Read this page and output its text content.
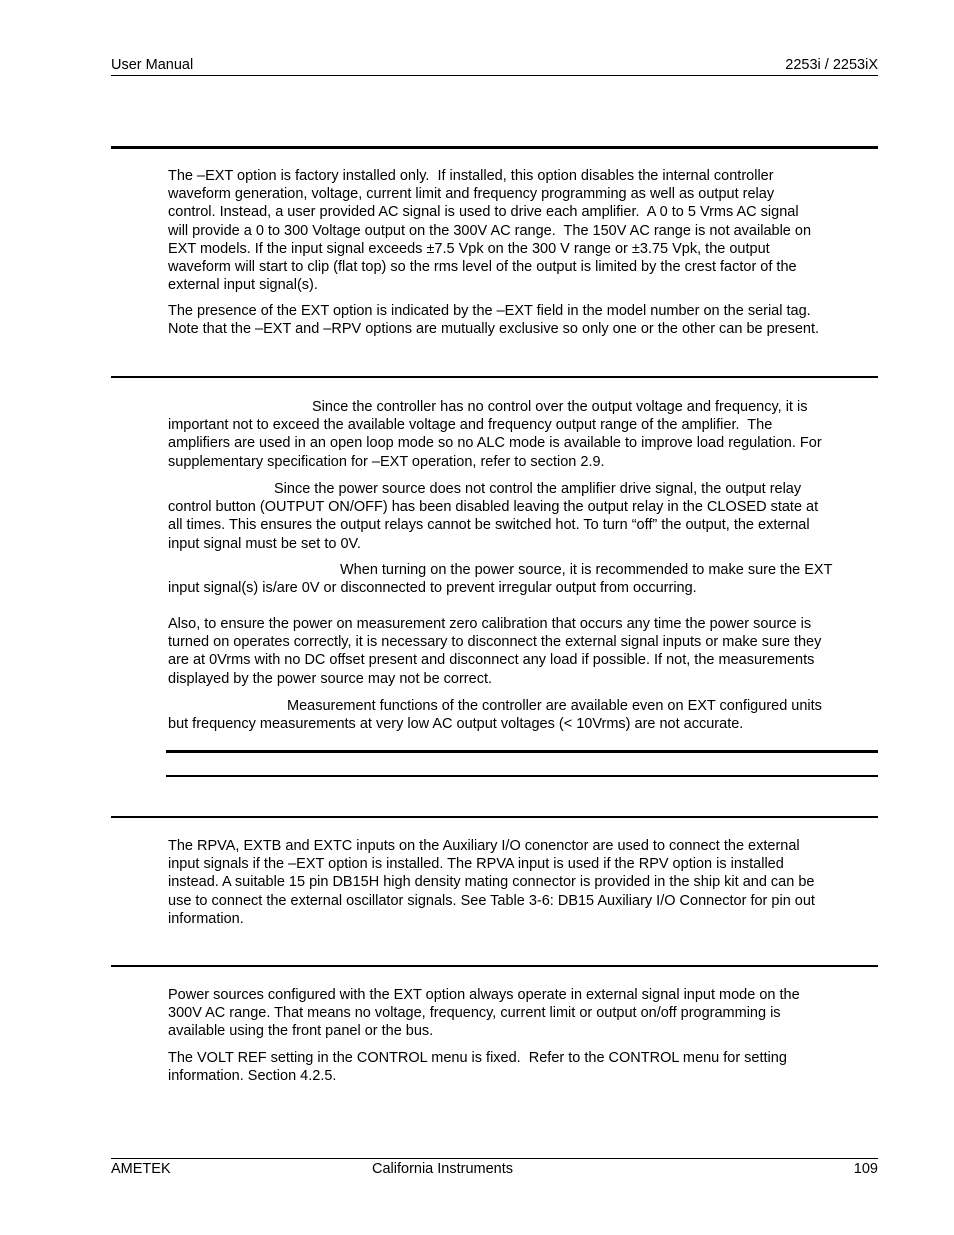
User Manual	2253i / 2253iX
The –EXT option is factory installed only.  If installed, this option disables the internal controller
waveform generation, voltage, current limit and frequency programming as well as output relay
control. Instead, a user provided AC signal is used to drive each amplifier.  A 0 to 5 Vrms AC signal
will provide a 0 to 300 Voltage output on the 300V AC range.  The 150V AC range is not available on
EXT models. If the input signal exceeds ±7.5 Vpk on the 300 V range or ±3.75 Vpk, the output
waveform will start to clip (flat top) so the rms level of the output is limited by the crest factor of the
external input signal(s).
The presence of the EXT option is indicated by the –EXT field in the model number on the serial tag.
Note that the –EXT and –RPV options are mutually exclusive so only one or the other can be present.
Since the controller has no control over the output voltage and frequency, it is
important not to exceed the available voltage and frequency output range of the amplifier.  The
amplifiers are used in an open loop mode so no ALC mode is available to improve load regulation. For
supplementary specification for –EXT operation, refer to section 2.9.
Since the power source does not control the amplifier drive signal, the output relay
control button (OUTPUT ON/OFF) has been disabled leaving the output relay in the CLOSED state at
all times. This ensures the output relays cannot be switched hot. To turn “off” the output, the external
input signal must be set to 0V.
When turning on the power source, it is recommended to make sure the EXT
input signal(s) is/are 0V or disconnected to prevent irregular output from occurring.
Also, to ensure the power on measurement zero calibration that occurs any time the power source is
turned on operates correctly, it is necessary to disconnect the external signal inputs or make sure they
are at 0Vrms with no DC offset present and disconnect any load if possible. If not, the measurements
displayed by the power source may not be correct.
Measurement functions of the controller are available even on EXT configured units
but frequency measurements at very low AC output voltages (< 10Vrms) are not accurate.
The RPVA, EXTB and EXTC inputs on the Auxiliary I/O conenctor are used to connect the external
input signals if the –EXT option is installed. The RPVA input is used if the RPV option is installed
instead. A suitable 15 pin DB15H high density mating connector is provided in the ship kit and can be
use to connect the external oscillator signals. See Table 3-6: DB15 Auxiliary I/O Connector for pin out
information.
Power sources configured with the EXT option always operate in external signal input mode on the
300V AC range. That means no voltage, frequency, current limit or output on/off programming is
available using the front panel or the bus.
The VOLT REF setting in the CONTROL menu is fixed.  Refer to the CONTROL menu for setting
information. Section 4.2.5.
AMETEK	California Instruments	109
